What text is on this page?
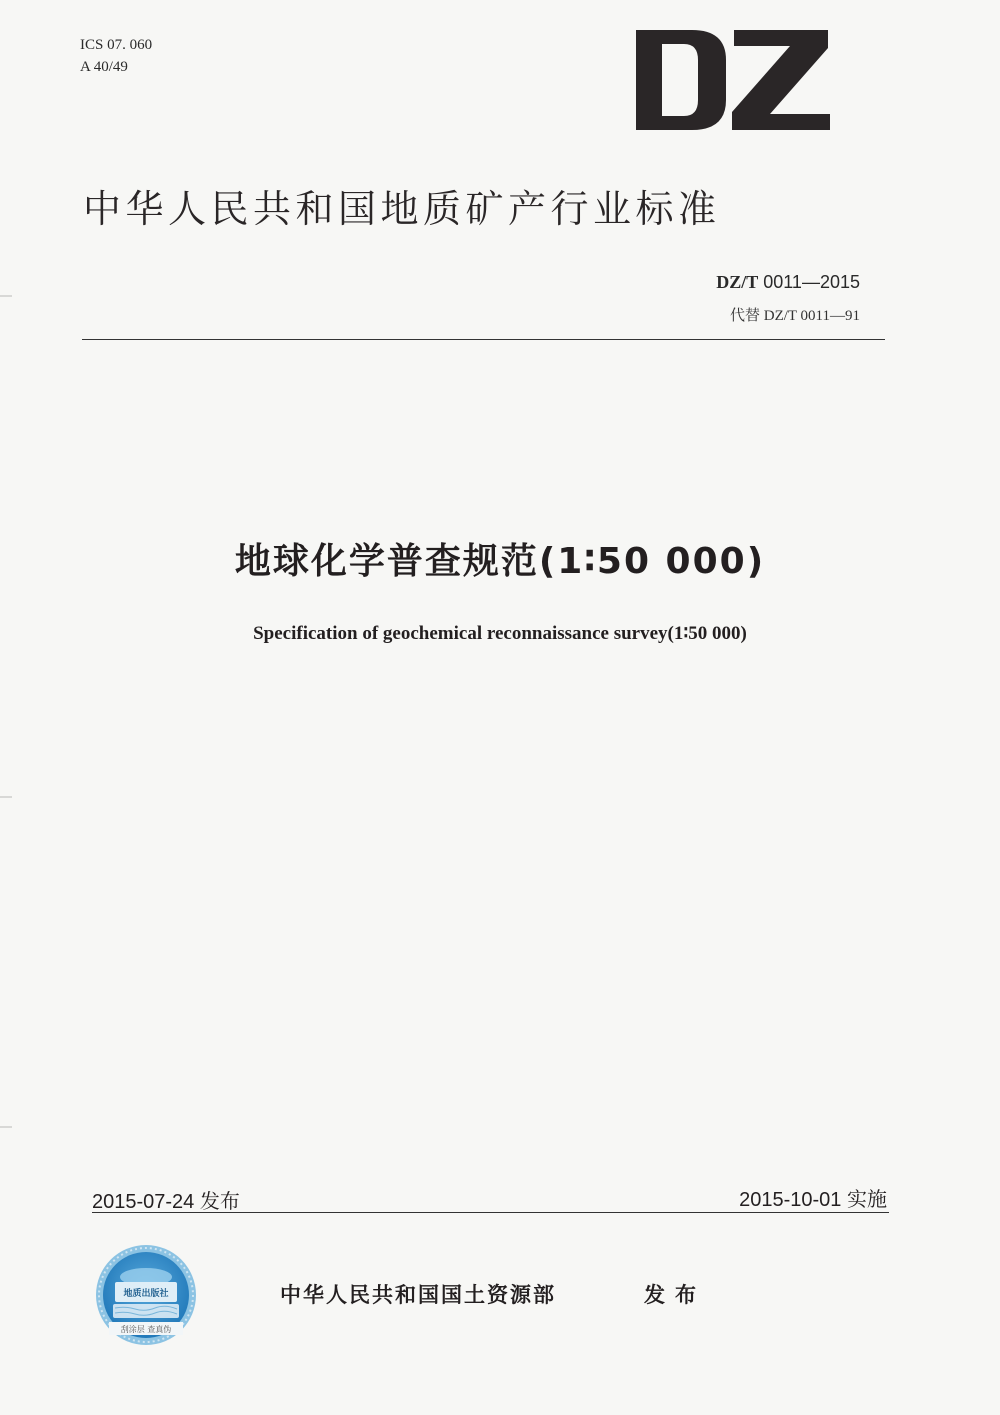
ICS 07. 060
A 40/49
中华人民共和国地质矿产行业标准
DZ/T 0011—2015
代替 DZ/T 0011—91
地球化学普查规范(1∶50 000)
Specification of geochemical reconnaissance survey(1∶50 000)
2015-07-24 发布	2015-10-01 实施
地质出版社
刮涂层 查真伪
中华人民共和国国土资源部	发布
